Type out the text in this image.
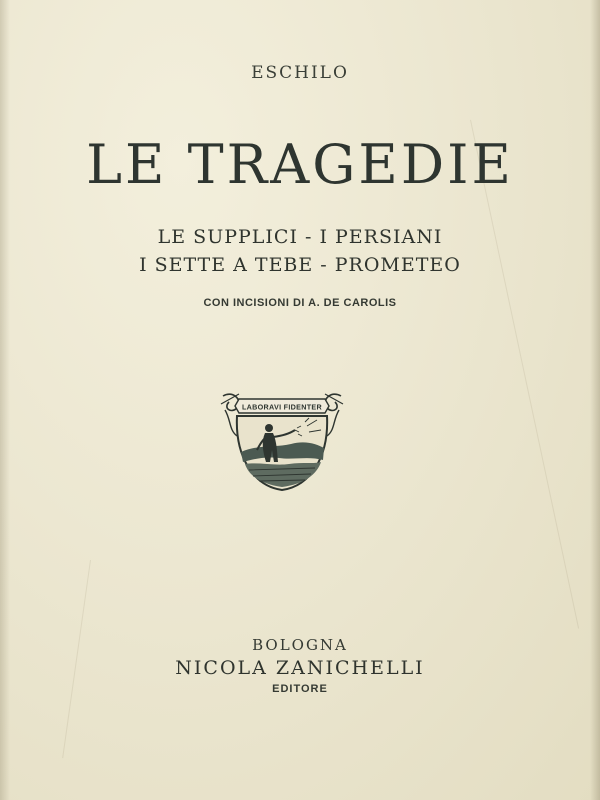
ESCHILO
LE TRAGEDIE
LE SUPPLICI - I PERSIANI
I SETTE A TEBE - PROMETEO
CON INCISIONI DI A. DE CAROLIS
LABORAVI FIDENTER
BOLOGNA
NICOLA ZANICHELLI
EDITORE
